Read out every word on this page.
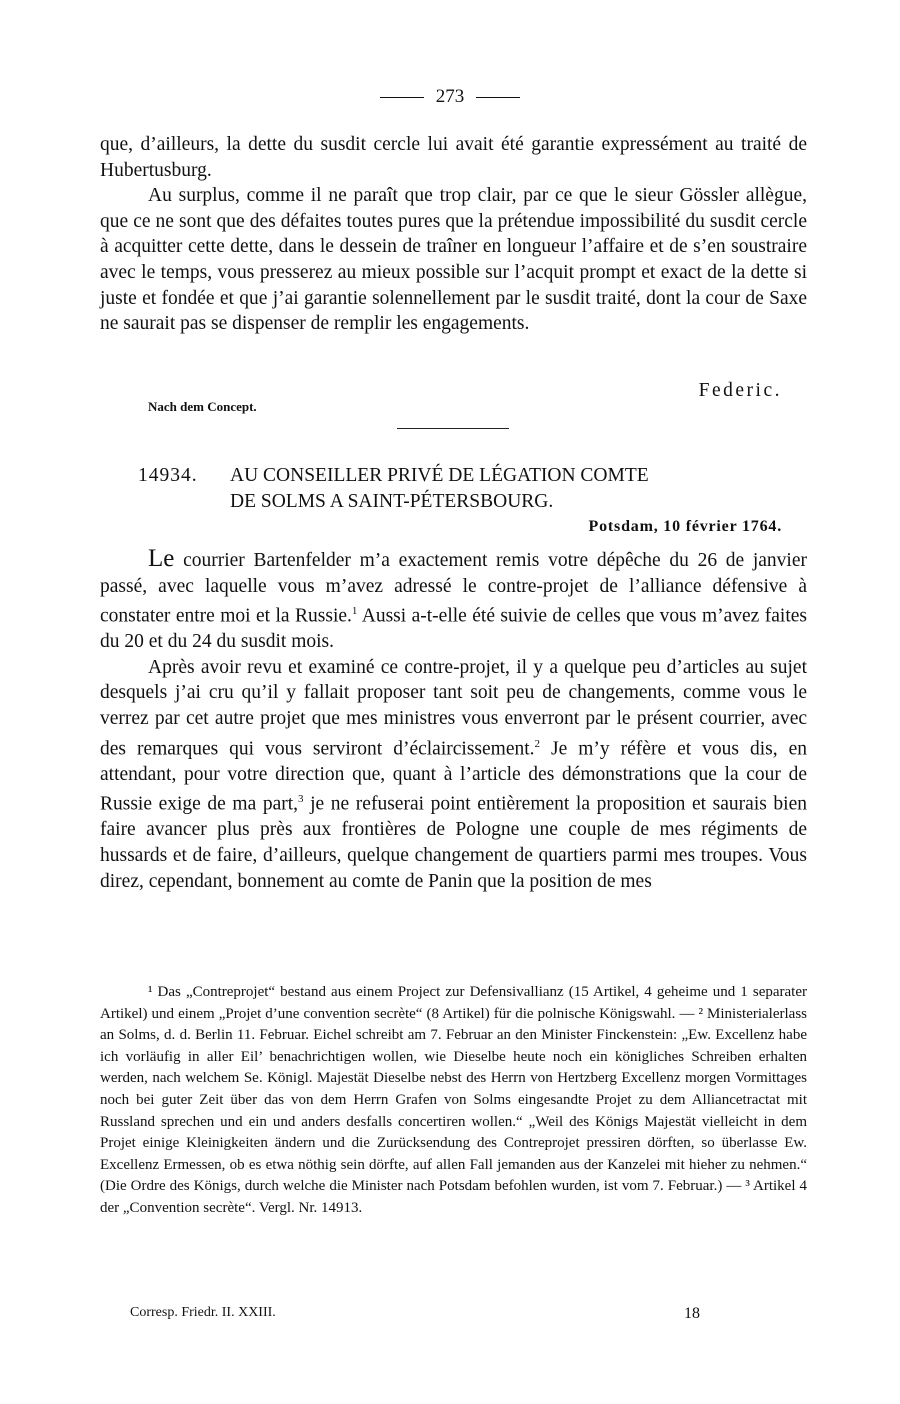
273

que, d’ailleurs, la dette du susdit cercle lui avait été garantie expressément au traité de Hubertusburg.

Au surplus, comme il ne paraît que trop clair, par ce que le sieur Gössler allègue, que ce ne sont que des défaites toutes pures que la prétendue impossibilité du susdit cercle à acquitter cette dette, dans le dessein de traîner en longueur l’affaire et de s’en soustraire avec le temps, vous presserez au mieux possible sur l’acquit prompt et exact de la dette si juste et fondée et que j’ai garantie solennellement par le susdit traité, dont la cour de Saxe ne saurait pas se dispenser de remplir les engagements.

Federic.
Nach dem Concept.
14934. AU CONSEILLER PRIVÉ DE LÉGATION COMTE
DE SOLMS A SAINT-PÉTERSBOURG.
Potsdam, 10 février 1764.

Le courrier Bartenfelder m’a exactement remis votre dépêche du 26 de janvier passé, avec laquelle vous m’avez adressé le contre-projet de l’alliance défensive à constater entre moi et la Russie.$^1$ Aussi a-t-elle été suivie de celles que vous m’avez faites du 20 et du 24 du susdit mois.

Après avoir revu et examiné ce contre-projet, il y a quelque peu d’articles au sujet desquels j’ai cru qu’il y fallait proposer tant soit peu de changements, comme vous le verrez par cet autre projet que mes ministres vous enverront par le présent courrier, avec des remarques qui vous serviront d’éclaircissement.$^2$ Je m’y réfère et vous dis, en attendant, pour votre direction que, quant à l’article des démonstrations que la cour de Russie exige de ma part,$^3$ je ne refuserai point entièrement la proposition et saurais bien faire avancer plus près aux frontières de Pologne une couple de mes régiments de hussards et de faire, d’ailleurs, quelque changement de quartiers parmi mes troupes. Vous direz, cependant, bonnement au comte de Panin que la position de mes

¹ Das „Contreprojet“ bestand aus einem Project zur Defensivallianz (15 Artikel, 4 geheime und 1 separater Artikel) und einem „Projet d’une convention secrète“ (8 Artikel) für die polnische Königswahl. — ² Ministerialerlass an Solms, d. d. Berlin 11. Februar. Eichel schreibt am 7. Februar an den Minister Finckenstein: „Ew. Excellenz habe ich vorläufig in aller Eil’ benachrichtigen wollen, wie Dieselbe heute noch ein königliches Schreiben erhalten werden, nach welchem Se. Königl. Majestät Dieselbe nebst des Herrn von Hertzberg Excellenz morgen Vormittages noch bei guter Zeit über das von dem Herrn Grafen von Solms eingesandte Projet zu dem Alliancetractat mit Russland sprechen und ein und anders desfalls concertiren wollen.“ „Weil des Königs Majestät vielleicht in dem Projet einige Kleinigkeiten ändern und die Zurücksendung des Contreprojet pressiren dörften, so überlasse Ew. Excellenz Ermessen, ob es etwa nöthig sein dörfte, auf allen Fall jemanden aus der Kanzelei mit hieher zu nehmen.“ (Die Ordre des Königs, durch welche die Minister nach Potsdam befohlen wurden, ist vom 7. Februar.) — ³ Artikel 4 der „Convention secrète“. Vergl. Nr. 14913.

Corresp. Friedr. II. XXIII.	18
